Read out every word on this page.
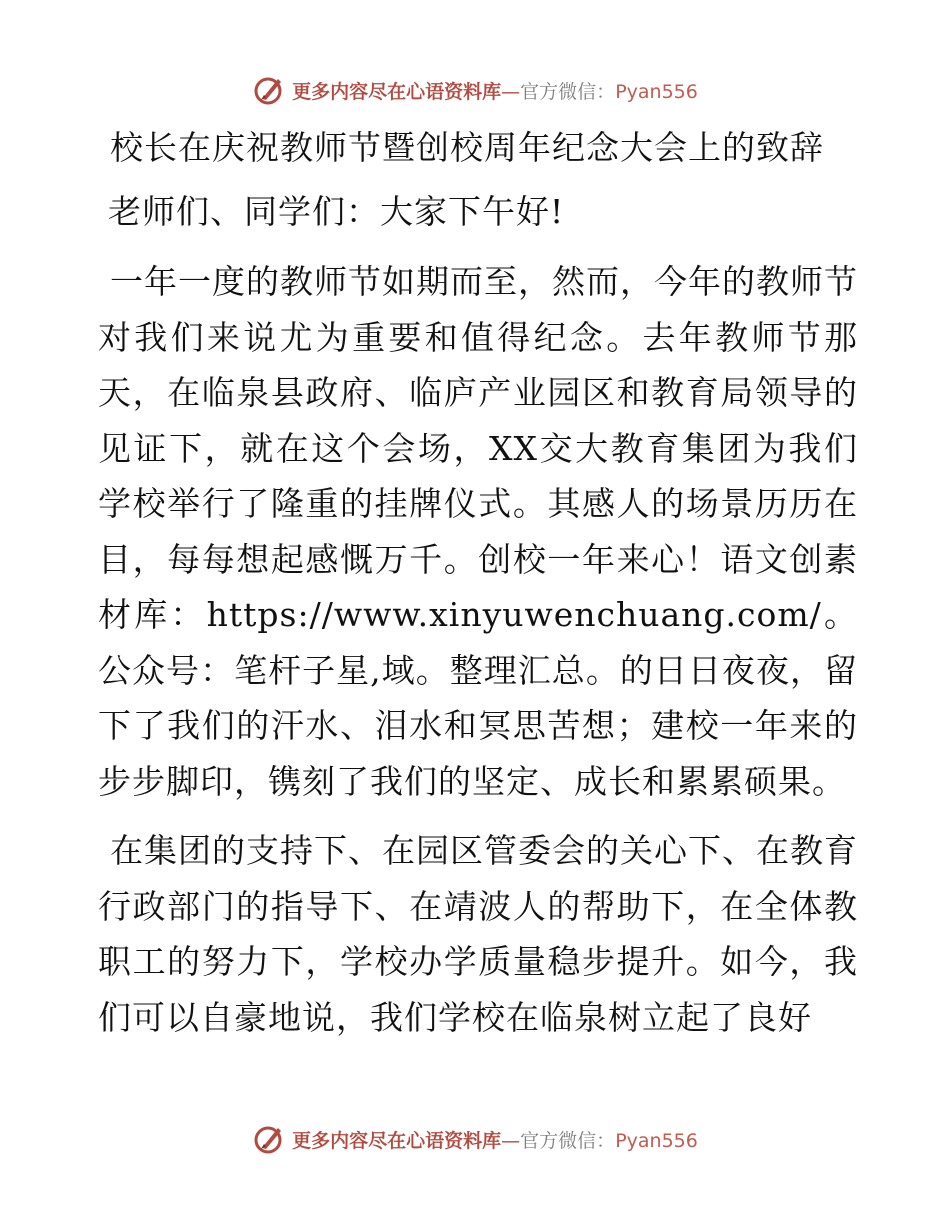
更多内容尽在心语资料库—官方微信：Pyan556
校长在庆祝教师节暨创校周年纪念大会上的致辞

老师们、同学们：大家下午好!

一年一度的教师节如期而至，然而，今年的教师节对我们来说尤为重要和值得纪念。去年教师节那天，在临泉县政府、临庐产业园区和教育局领导的见证下，就在这个会场，XX交大教育集团为我们学校举行了隆重的挂牌仪式。其感人的场景历历在目，每每想起感慨万千。创校一年来心！语文创素材库：https://www.xinyuwenchuang.com/。公众号：笔杆子星,域。整理汇总。的日日夜夜，留下了我们的汗水、泪水和冥思苦想；建校一年来的步步脚印，镌刻了我们的坚定、成长和累累硕果。

在集团的支持下、在园区管委会的关心下、在教育行政部门的指导下、在靖波人的帮助下，在全体教职工的努力下，学校办学质量稳步提升。如今，我们可以自豪地说，我们学校在临泉树立起了良好

更多内容尽在心语资料库—官方微信：Pyan556
